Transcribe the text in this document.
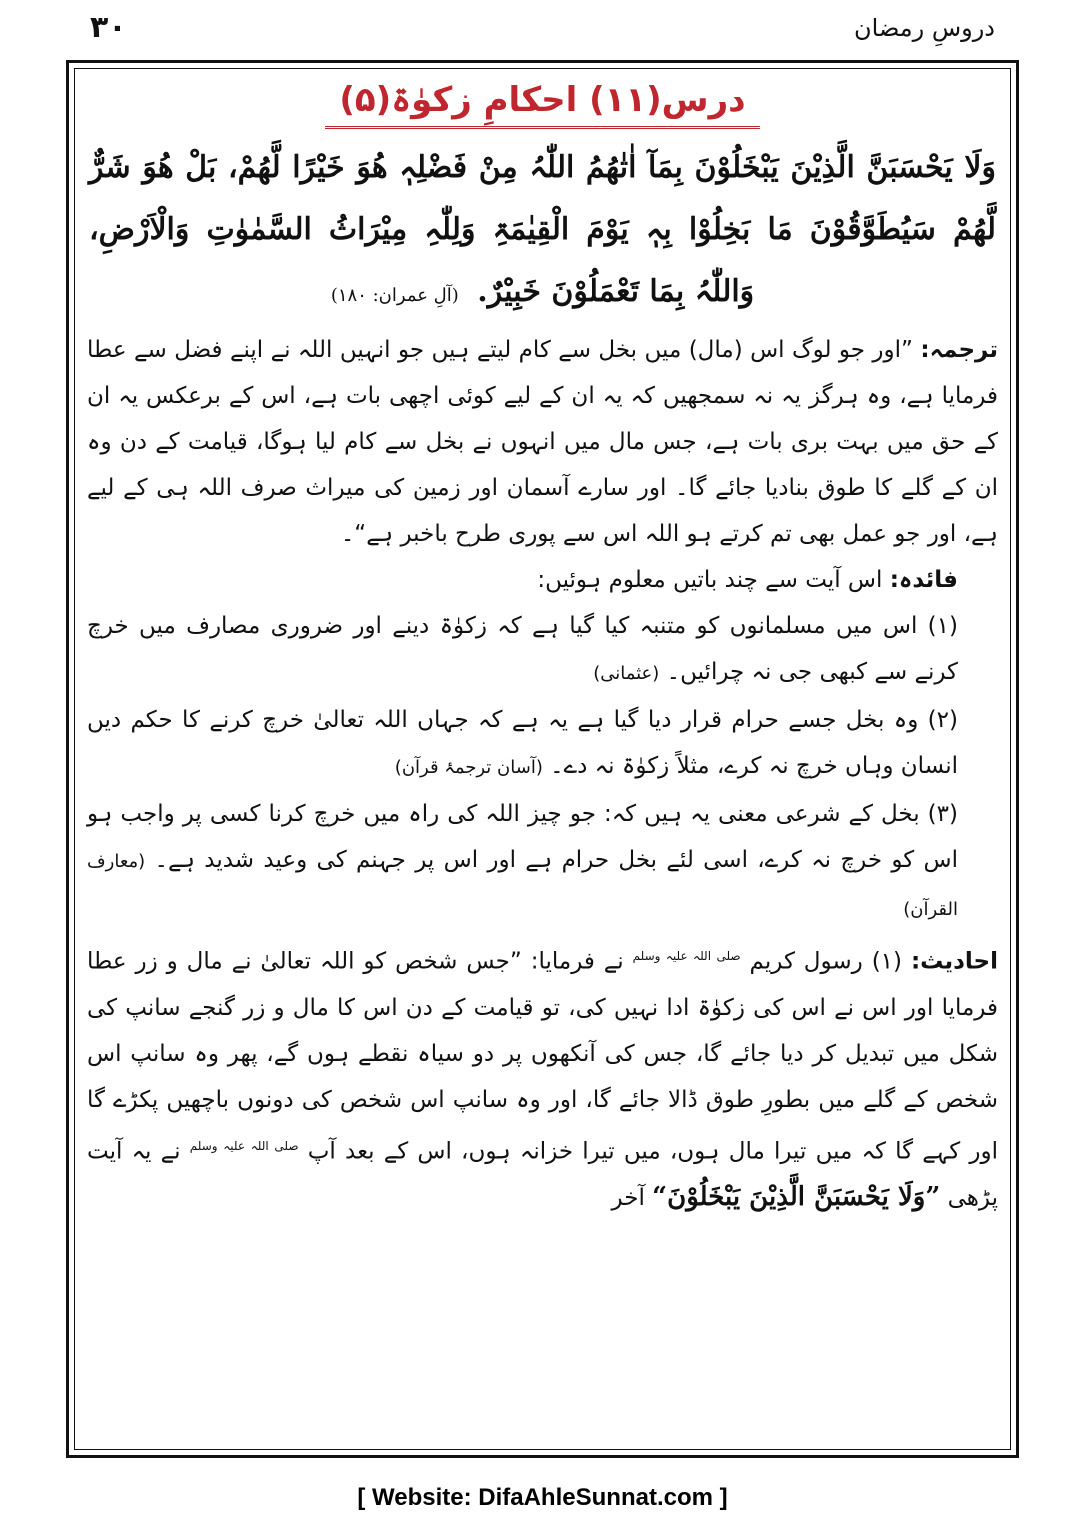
۳۰	دروسِ رمضان
درس(۱۱) احکامِ زکوٰۃ(۵)
وَلَا یَحْسَبَنَّ الَّذِیْنَ یَبْخَلُوْنَ بِمَآ اٰتٰھُمُ اللّٰہُ مِنْ فَضْلِہٖ ھُوَ خَیْرًا لَّھُمْ، بَلْ ھُوَ شَرٌّ لَّھُمْ سَیُطَوَّقُوْنَ مَا بَخِلُوْا بِہٖ یَوْمَ الْقِیٰمَۃِ وَلِلّٰہِ مِیْرَاثُ السَّمٰوٰتِ وَالْاَرْضِ، وَاللّٰہُ بِمَا تَعْمَلُوْنَ خَبِیْرٌ. (آلِ عمران: ۱۸۰)
ترجمہ: ”اور جو لوگ اس (مال) میں بخل سے کام لیتے ہیں جو انہیں اللہ نے اپنے فضل سے عطا فرمایا ہے، وہ ہرگز یہ نہ سمجھیں کہ یہ ان کے لیے کوئی اچھی بات ہے، اس کے برعکس یہ ان کے حق میں بہت بری بات ہے، جس مال میں انہوں نے بخل سے کام لیا ہوگا، قیامت کے دن وہ ان کے گلے کا طوق بنادیا جائے گا۔ اور سارے آسمان اور زمین کی میراث صرف اللہ ہی کے لیے ہے، اور جو عمل بھی تم کرتے ہو اللہ اس سے پوری طرح باخبر ہے“۔
فائدہ: اس آیت سے چند باتیں معلوم ہوئیں:
(۱) اس میں مسلمانوں کو متنبہ کیا گیا ہے کہ زکوٰۃ دینے اور ضروری مصارف میں خرچ کرنے سے کبھی جی نہ چرائیں۔ (عثمانی)
(۲) وہ بخل جسے حرام قرار دیا گیا ہے یہ ہے کہ جہاں اللہ تعالیٰ خرچ کرنے کا حکم دیں انسان وہاں خرچ نہ کرے، مثلاً زکوٰۃ نہ دے۔ (آسان ترجمۂ قرآن)
(۳) بخل کے شرعی معنی یہ ہیں کہ: جو چیز اللہ کی راہ میں خرچ کرنا کسی پر واجب ہو اس کو خرچ نہ کرے، اسی لئے بخل حرام ہے اور اس پر جہنم کی وعید شدید ہے۔ (معارف القرآن)
احادیث: (۱) رسول کریم $^{صلی اللہ علیہ وسلم}$ نے فرمایا: ”جس شخص کو اللہ تعالیٰ نے مال و زر عطا فرمایا اور اس نے اس کی زکوٰۃ ادا نہیں کی، تو قیامت کے دن اس کا مال و زر گنجے سانپ کی شکل میں تبدیل کر دیا جائے گا، جس کی آنکھوں پر دو سیاہ نقطے ہوں گے، پھر وہ سانپ اس شخص کے گلے میں بطورِ طوق ڈالا جائے گا، اور وہ سانپ اس شخص کی دونوں باچھیں پکڑے گا اور کہے گا کہ میں تیرا مال ہوں، میں تیرا خزانہ ہوں، اس کے بعد آپ $^{صلی اللہ علیہ وسلم}$ نے یہ آیت پڑھی ”وَلَا یَحْسَبَنَّ الَّذِیْنَ یَبْخَلُوْنَ“ آخر
[ Website: DifaAhleSunnat.com ]
